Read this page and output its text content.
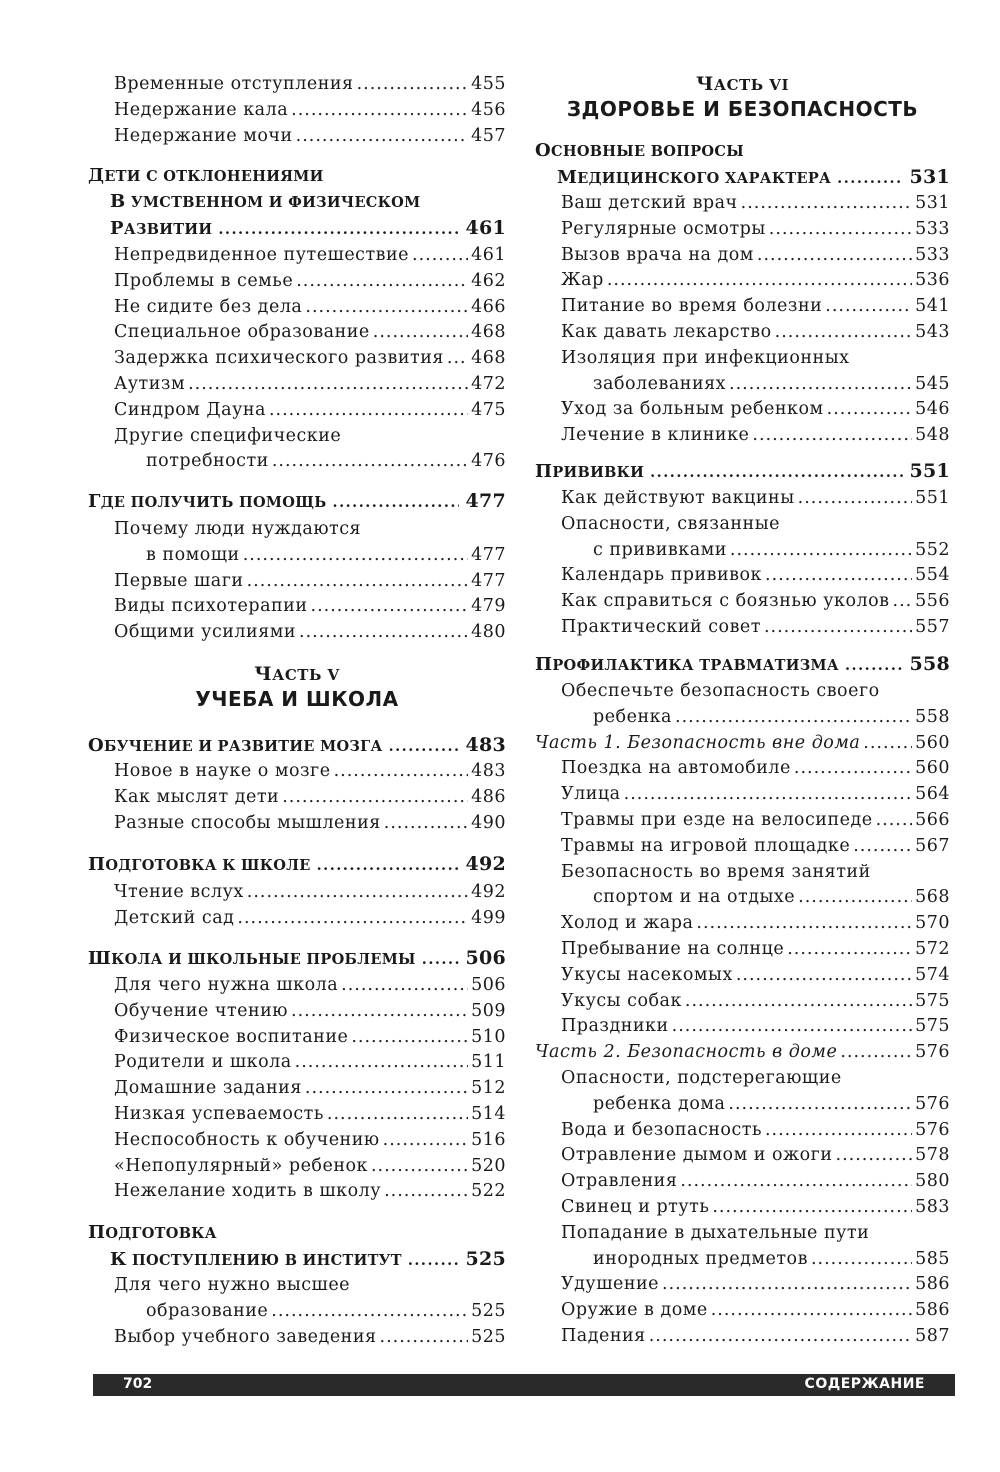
Временные отступления .....	455
Недержание кала .....	456
Недержание мочи .....	457
ДЕТИ С ОТКЛОНЕНИЯМИ
В УМСТВЕННОМ И ФИЗИЧЕСКОМ
РАЗВИТИИ .....	461
Непредвиденное путешествие .....	461
Проблемы в семье .....	462
Не сидите без дела .....	466
Специальное образование .....	468
Задержка психического развития ..... 468
Аутизм .....	472
Синдром Дауна .....	475
Другие специфические
потребности .....	476
ГДЕ ПОЛУЧИТЬ ПОМОЩЬ .....	477
Почему люди нуждаются
в помощи .....	477
Первые шаги .....	477
Виды психотерапии .....	479
Общими усилиями .....	480
ЧАСТЬ V
УЧЕБА И ШКОЛА
ОБУЧЕНИЕ И РАЗВИТИЕ МОЗГА .....	483
Новое в науке о мозге .....	483
Как мыслят дети .....	486
Разные способы мышления .....	490
ПОДГОТОВКА К ШКОЛЕ .....	492
Чтение вслух .....	492
Детский сад .....	499
ШКОЛА И ШКОЛЬНЫЕ ПРОБЛЕМЫ .....	506
Для чего нужна школа .....	506
Обучение чтению .....	509
Физическое воспитание .....	510
Родители и школа .....	511
Домашние задания .....	512
Низкая успеваемость .....	514
Неспособность к обучению .....	516
«Непопулярный» ребенок .....	520
Нежелание ходить в школу .....	522
ПОДГОТОВКА
К ПОСТУПЛЕНИЮ В ИНСТИТУТ .....	525
Для чего нужно высшее
образование .....	525
Выбор учебного заведения .....	525
ЧАСТЬ VI
ЗДОРОВЬЕ И БЕЗОПАСНОСТЬ
ОСНОВНЫЕ ВОПРОСЫ
МЕДИЦИНСКОГО ХАРАКТЕРА .....	531
Ваш детский врач .....	531
Регулярные осмотры .....	533
Вызов врача на дом .....	533
Жар .....	536
Питание во время болезни .....	541
Как давать лекарство .....	543
Изоляция при инфекционных
заболеваниях .....	545
Уход за больным ребенком .....	546
Лечение в клинике .....	548
ПРИВИВКИ .....	551
Как действуют вакцины .....	551
Опасности, связанные
с прививками .....	552
Календарь прививок .....	554
Как справиться с боязнью уколов ..... 556
Практический совет .....	557
ПРОФИЛАКТИКА ТРАВМАТИЗМА .....	558
Обеспечьте безопасность своего
ребенка .....	558
Часть 1. Безопасность вне дома .....	560
Поездка на автомобиле .....	560
Улица .....	564
Травмы при езде на велосипеде ..... 566
Травмы на игровой площадке .....	567
Безопасность во время занятий
спортом и на отдыхе .....	568
Холод и жара .....	570
Пребывание на солнце .....	572
Укусы насекомых .....	574
Укусы собак .....	575
Праздники .....	575
Часть 2. Безопасность в доме .....	576
Опасности, подстерегающие
ребенка дома .....	576
Вода и безопасность .....	576
Отравление дымом и ожоги .....	578
Отравления .....	580
Свинец и ртуть .....	583
Попадание в дыхательные пути
инородных предметов .....	585
Удушение .....	586
Оружие в доме .....	586
Падения .....	587
702	СОДЕРЖАНИЕ
